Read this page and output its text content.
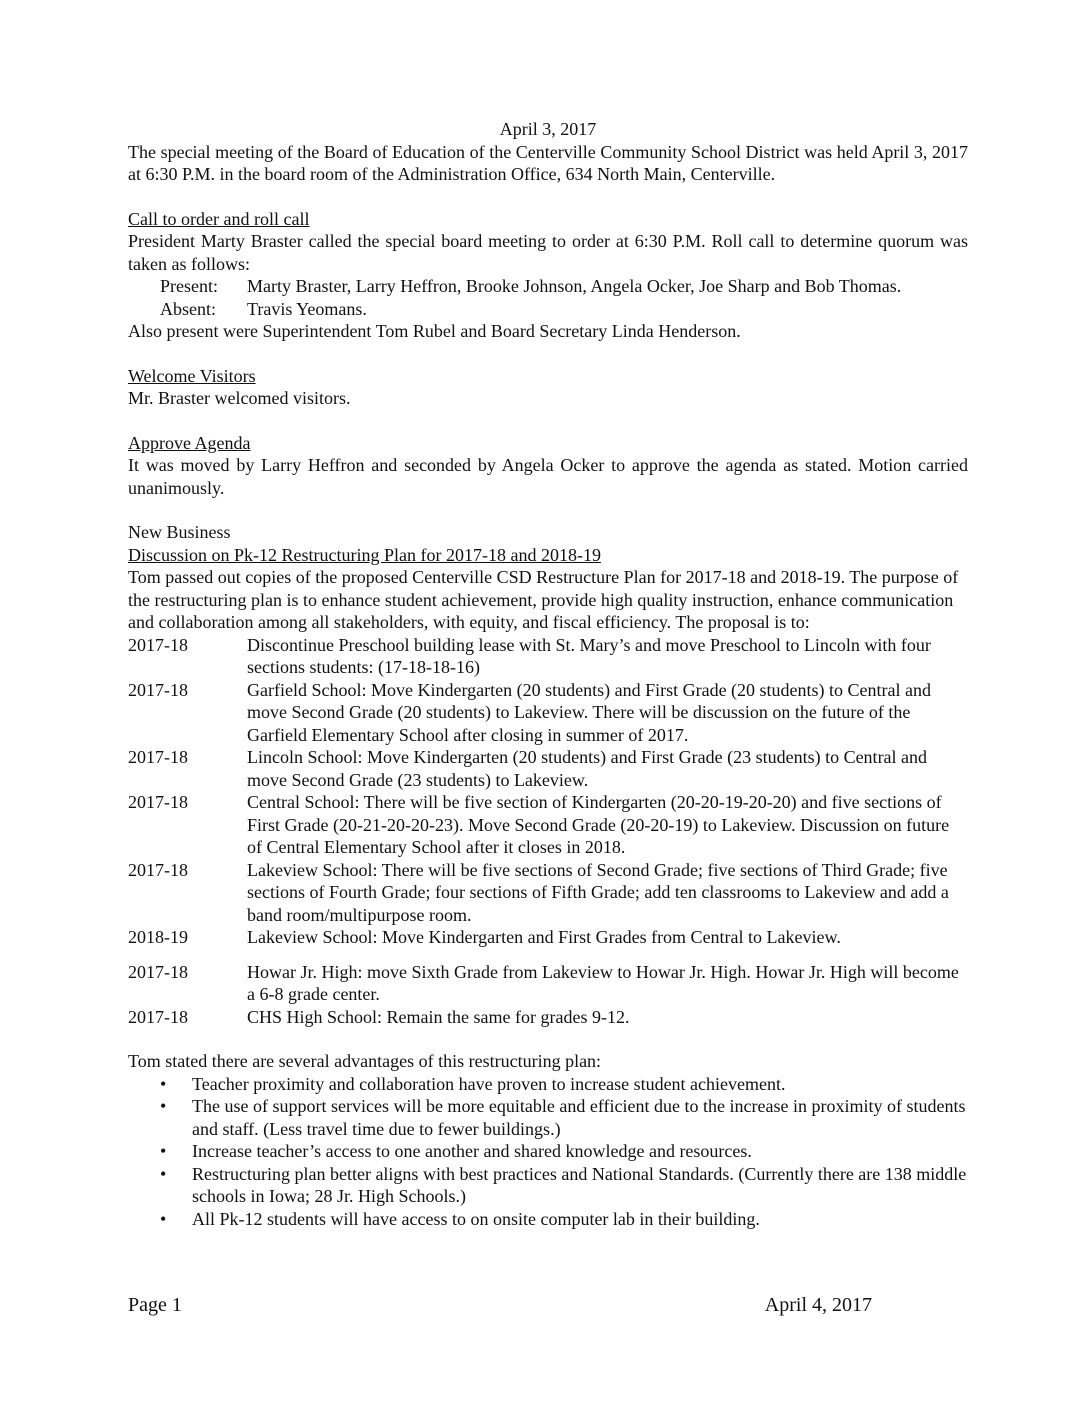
April 3, 2017
The special meeting of the Board of Education of the Centerville Community School District was held April 3, 2017 at 6:30 P.M. in the board room of the Administration Office, 634 North Main, Centerville.
Call to order and roll call
President Marty Braster called the special board meeting to order at 6:30 P.M. Roll call to determine quorum was taken as follows:
Present:	Marty Braster, Larry Heffron, Brooke Johnson, Angela Ocker, Joe Sharp and Bob Thomas.
Absent:	Travis Yeomans.
Also present were Superintendent Tom Rubel and Board Secretary Linda Henderson.
Welcome Visitors
Mr. Braster welcomed visitors.
Approve Agenda
It was moved by Larry Heffron and seconded by Angela Ocker to approve the agenda as stated. Motion carried unanimously.
New Business
Discussion on Pk-12 Restructuring Plan for 2017-18 and 2018-19
Tom passed out copies of the proposed Centerville CSD Restructure Plan for 2017-18 and 2018-19. The purpose of the restructuring plan is to enhance student achievement, provide high quality instruction, enhance communication and collaboration among all stakeholders, with equity, and fiscal efficiency. The proposal is to:
2017-18	Discontinue Preschool building lease with St. Mary’s and move Preschool to Lincoln with four sections students: (17-18-18-16)
2017-18	Garfield School: Move Kindergarten (20 students) and First Grade (20 students) to Central and move Second Grade (20 students) to Lakeview. There will be discussion on the future of the Garfield Elementary School after closing in summer of 2017.
2017-18	Lincoln School: Move Kindergarten (20 students) and First Grade (23 students) to Central and move Second Grade (23 students) to Lakeview.
2017-18	Central School: There will be five section of Kindergarten (20-20-19-20-20) and five sections of First Grade (20-21-20-20-23). Move Second Grade (20-20-19) to Lakeview. Discussion on future of Central Elementary School after it closes in 2018.
2017-18	Lakeview School: There will be five sections of Second Grade; five sections of Third Grade; five sections of Fourth Grade; four sections of Fifth Grade; add ten classrooms to Lakeview and add a band room/multipurpose room.
2018-19	Lakeview School: Move Kindergarten and First Grades from Central to Lakeview.
2017-18	Howar Jr. High: move Sixth Grade from Lakeview to Howar Jr. High. Howar Jr. High will become a 6-8 grade center.
2017-18	CHS High School: Remain the same for grades 9-12.
Tom stated there are several advantages of this restructuring plan:
•	Teacher proximity and collaboration have proven to increase student achievement.
•	The use of support services will be more equitable and efficient due to the increase in proximity of students and staff. (Less travel time due to fewer buildings.)
•	Increase teacher’s access to one another and shared knowledge and resources.
•	Restructuring plan better aligns with best practices and National Standards. (Currently there are 138 middle schools in Iowa; 28 Jr. High Schools.)
•	All Pk-12 students will have access to on onsite computer lab in their building.
Page 1	April 4, 2017
